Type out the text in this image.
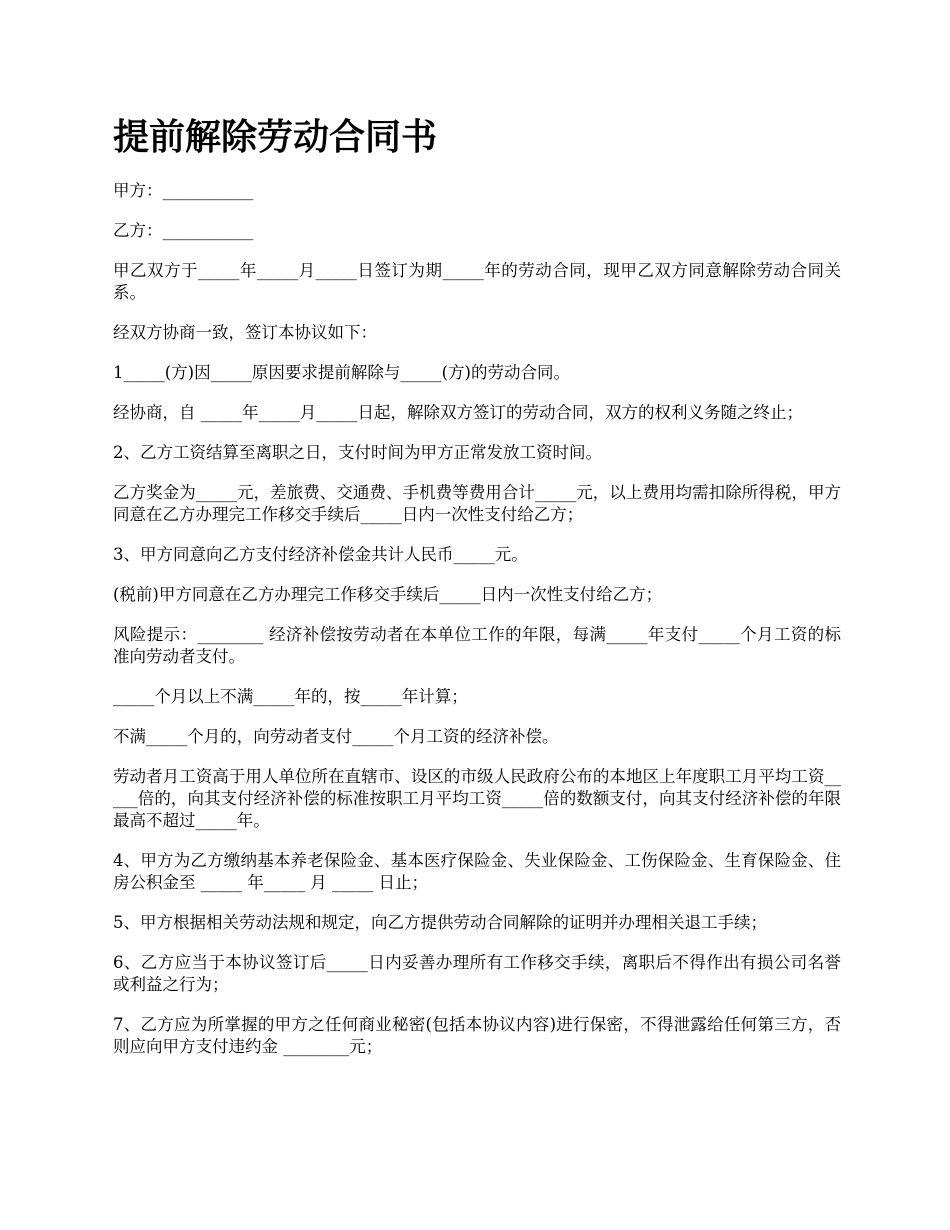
提前解除劳动合同书

甲方：___________

乙方：___________

甲乙双方于_____年_____月_____日签订为期_____年的劳动合同，现甲乙双方同意解除劳动合同关系。

经双方协商一致，签订本协议如下：

1_____(方)因_____原因要求提前解除与_____(方)的劳动合同。

经协商，自 _____年_____月_____日起，解除双方签订的劳动合同，双方的权利义务随之终止；

2、乙方工资结算至离职之日，支付时间为甲方正常发放工资时间。

乙方奖金为_____元，差旅费、交通费、手机费等费用合计_____元，以上费用均需扣除所得税，甲方同意在乙方办理完工作移交手续后_____日内一次性支付给乙方；

3、甲方同意向乙方支付经济补偿金共计人民币_____元。

(税前)甲方同意在乙方办理完工作移交手续后_____日内一次性支付给乙方；

风险提示：________ 经济补偿按劳动者在本单位工作的年限，每满_____年支付_____个月工资的标准向劳动者支付。

_____个月以上不满_____年的，按_____年计算；

不满_____个月的，向劳动者支付_____个月工资的经济补偿。

劳动者月工资高于用人单位所在直辖市、设区的市级人民政府公布的本地区上年度职工月平均工资_____倍的，向其支付经济补偿的标准按职工月平均工资_____倍的数额支付，向其支付经济补偿的年限最高不超过_____年。

4、甲方为乙方缴纳基本养老保险金、基本医疗保险金、失业保险金、工伤保险金、生育保险金、住房公积金至 _____ 年_____ 月 _____ 日止；

5、甲方根据相关劳动法规和规定，向乙方提供劳动合同解除的证明并办理相关退工手续；

6、乙方应当于本协议签订后_____日内妥善办理所有工作移交手续，离职后不得作出有损公司名誉或利益之行为；

7、乙方应为所掌握的甲方之任何商业秘密(包括本协议内容)进行保密，不得泄露给任何第三方，否则应向甲方支付违约金 ________元；
